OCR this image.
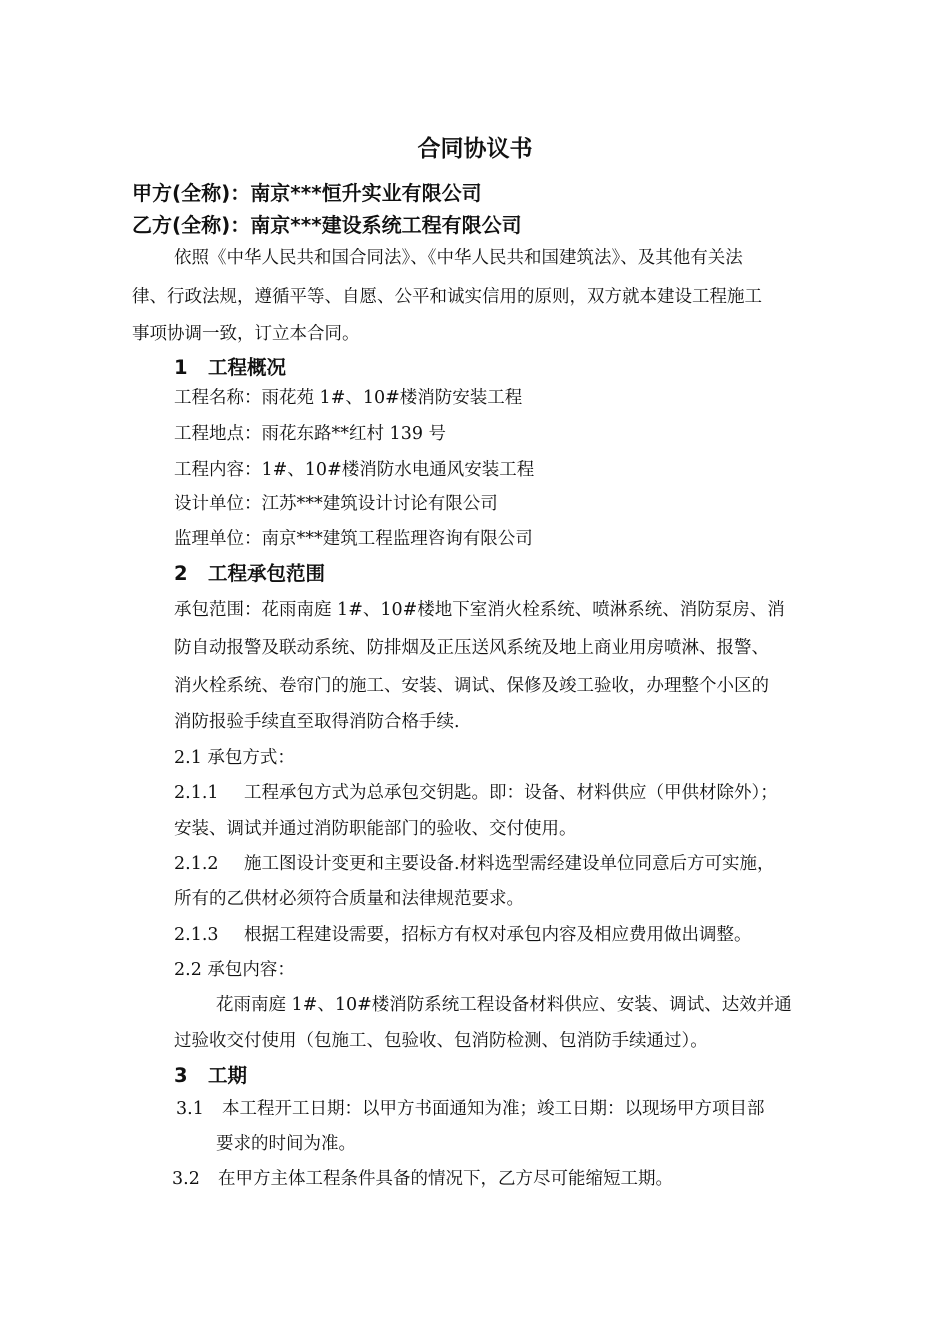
合同协议书
甲方(全称)：南京***恒升实业有限公司
乙方(全称)：南京***建设系统工程有限公司
依照《中华人民共和国合同法》、《中华人民共和国建筑法》、及其他有关法
律、行政法规，遵循平等、自愿、公平和诚实信用的原则，双方就本建设工程施工
事项协调一致，订立本合同。
1 工程概况
工程名称：雨花苑 1#、10#楼消防安装工程
工程地点：雨花东路**红村 139 号
工程内容：1#、10#楼消防水电通风安装工程
设计单位：江苏***建筑设计讨论有限公司
监理单位：南京***建筑工程监理咨询有限公司
2 工程承包范围
承包范围：花雨南庭 1#、10#楼地下室消火栓系统、喷淋系统、消防泵房、消
防自动报警及联动系统、防排烟及正压送风系统及地上商业用房喷淋、报警、
消火栓系统、卷帘门的施工、安装、调试、保修及竣工验收，办理整个小区的
消防报验手续直至取得消防合格手续.
2.1 承包方式：
2.1.1 工程承包方式为总承包交钥匙。即：设备、材料供应（甲供材除外）；
安装、调试并通过消防职能部门的验收、交付使用。
2.1.2 施工图设计变更和主要设备.材料选型需经建设单位同意后方可实施，
所有的乙供材必须符合质量和法律规范要求。
2.1.3 根据工程建设需要，招标方有权对承包内容及相应费用做出调整。
2.2 承包内容：
花雨南庭 1#、10#楼消防系统工程设备材料供应、安装、调试、达效并通
过验收交付使用（包施工、包验收、包消防检测、包消防手续通过）。
3 工期
3.1 本工程开工日期：以甲方书面通知为准；竣工日期：以现场甲方项目部
要求的时间为准。
3.2 在甲方主体工程条件具备的情况下，乙方尽可能缩短工期。
